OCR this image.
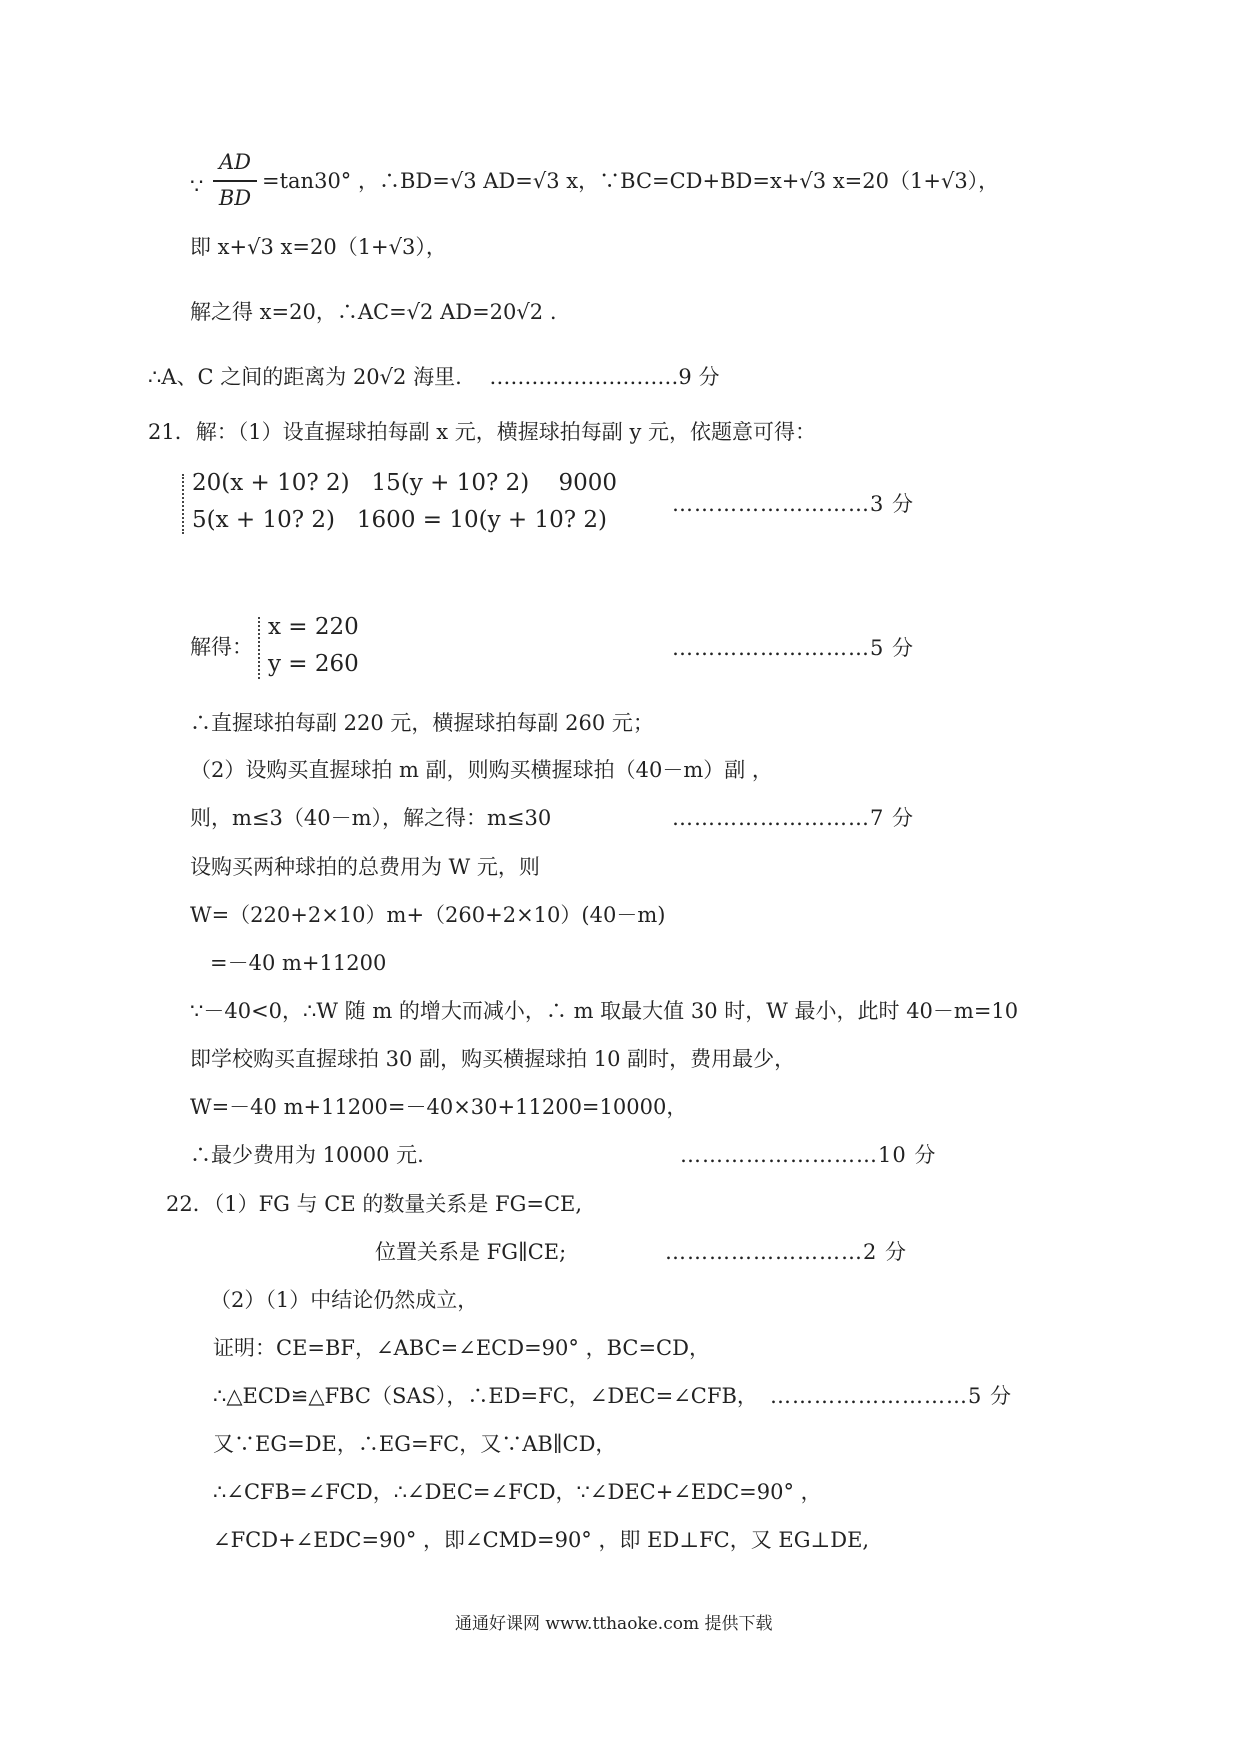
∵
AD
BD
=tan30° ，∴BD=√3 AD=√3 x，∵BC=CD+BD=x+√3 x=20（1+√3），
即 x+√3 x=20（1+√3），
解之得 x=20，∴AC=√2 AD=20√2 .
∴A、C 之间的距离为 20√2 海里.　 ………………………9 分
21．解：（1）设直握球拍每副 x 元，横握球拍每副 y 元，依题意可得：
20(x + 10? 2)   15(y + 10? 2)    9000
5(x + 10? 2)   1600 = 10(y + 10? 2)
………………………3 分
解得：
x = 220
y = 260
………………………5 分
∴直握球拍每副 220 元，横握球拍每副 260 元；
（2）设购买直握球拍 m 副，则购买横握球拍（40－m）副 ，
则，m≤3（40－m），解之得：m≤30	………………………7 分
设购买两种球拍的总费用为 W 元，则
W=（220+2×10）m+（260+2×10）(40－m)
=－40 m+11200
∵－40<0，∴W 随 m 的增大而减小，∴ m 取最大值 30 时，W 最小，此时 40－m=10
即学校购买直握球拍 30 副，购买横握球拍 10 副时，费用最少，
W=－40 m+11200=－40×30+11200=10000，
∴最少费用为 10000 元.	………………………10 分
22．（1）FG 与 CE 的数量关系是 FG=CE,
位置关系是 FG∥CE;	………………………2 分
（2）（1）中结论仍然成立，
证明：CE=BF，∠ABC=∠ECD=90° ，BC=CD，
∴△ECD≌△FBC（SAS），∴ED=FC，∠DEC=∠CFB， ………………………5 分
又∵EG=DE，∴EG=FC，又∵AB∥CD，
∴∠CFB=∠FCD，∴∠DEC=∠FCD，∵∠DEC+∠EDC=90° ，
∠FCD+∠EDC=90° ，即∠CMD=90° ，即 ED⊥FC，又 EG⊥DE,
通通好课网 www.tthaoke.com 提供下载
